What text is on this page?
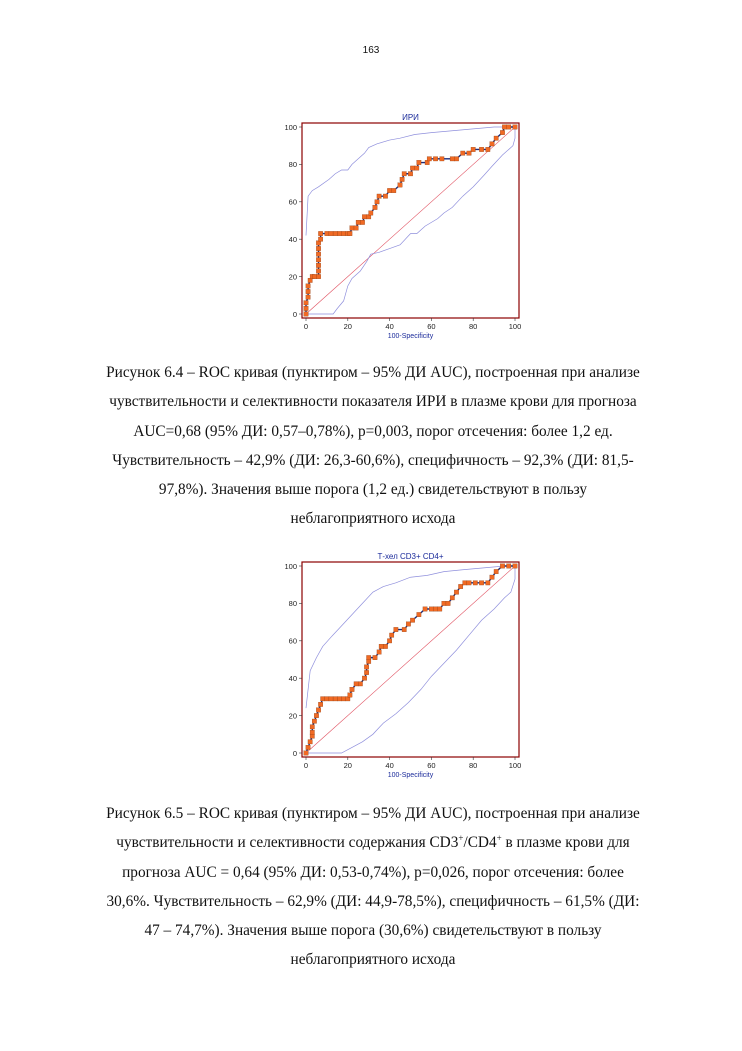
163
ИРИ
0
20
40
60
80
100
0	20	40	60	80	100
100-Specificity
Рисунок 6.4 – ROC кривая (пунктиром – 95% ДИ AUC), построенная при анализе
чувствительности и селективности показателя ИРИ в плазме крови для прогноза
AUC=0,68 (95% ДИ: 0,57–0,78%), p=0,003, порог отсечения: более 1,2 ед.
Чувствительность – 42,9% (ДИ: 26,3-60,6%), специфичность – 92,3% (ДИ: 81,5-
97,8%). Значения выше порога (1,2 ед.) свидетельствуют в пользу
неблагоприятного исхода
Т-хел CD3+ CD4+
0
20
40
60
80
100
0	20	40	60	80	100
100-Specificity
Рисунок 6.5 – ROC кривая (пунктиром – 95% ДИ AUC), построенная при анализе
чувствительности и селективности содержания CD3+/CD4+ в плазме крови для
прогноза AUC = 0,64 (95% ДИ: 0,53-0,74%), p=0,026, порог отсечения: более
30,6%. Чувствительность – 62,9% (ДИ: 44,9-78,5%), специфичность – 61,5% (ДИ:
47 – 74,7%). Значения выше порога (30,6%) свидетельствуют в пользу
неблагоприятного исхода
